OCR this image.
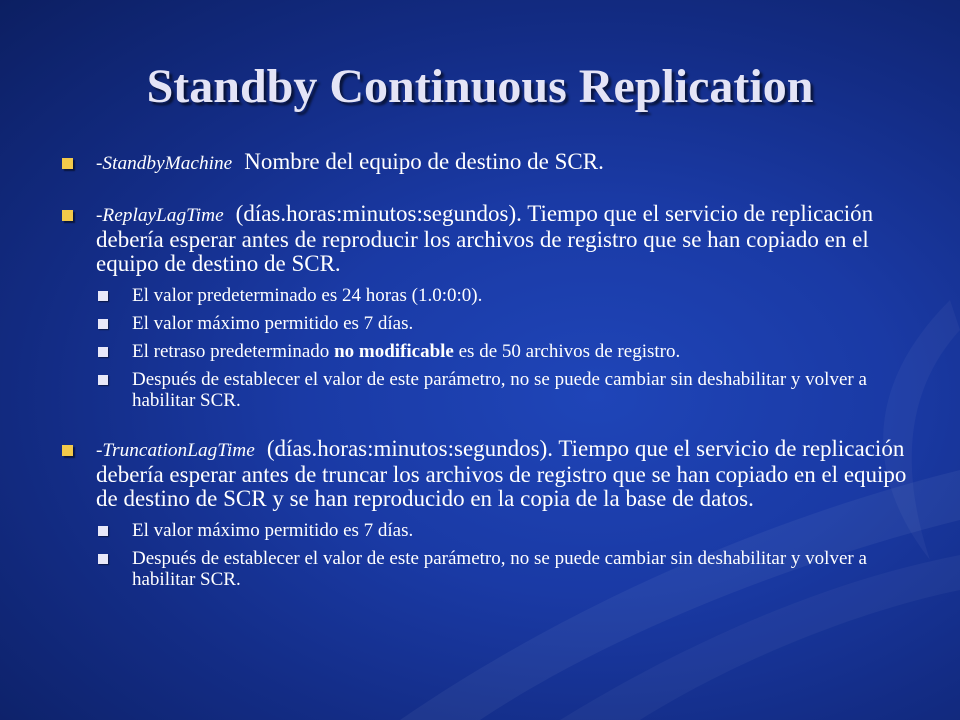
Standby Continuous Replication
-StandbyMachine Nombre del equipo de destino de SCR.
-ReplayLagTime (días.horas:minutos:segundos). Tiempo que el servicio de replicación debería esperar antes de reproducir los archivos de registro que se han copiado en el equipo de destino de SCR.
El valor predeterminado es 24 horas (1.0:0:0).
El valor máximo permitido es 7 días.
El retraso predeterminado no modificable es de 50 archivos de registro.
Después de establecer el valor de este parámetro, no se puede cambiar sin deshabilitar y volver a habilitar SCR.
-TruncationLagTime (días.horas:minutos:segundos). Tiempo que el servicio de replicación debería esperar antes de truncar los archivos de registro que se han copiado en el equipo de destino de SCR y se han reproducido en la copia de la base de datos.
El valor máximo permitido es 7 días.
Después de establecer el valor de este parámetro, no se puede cambiar sin deshabilitar y volver a habilitar SCR.
